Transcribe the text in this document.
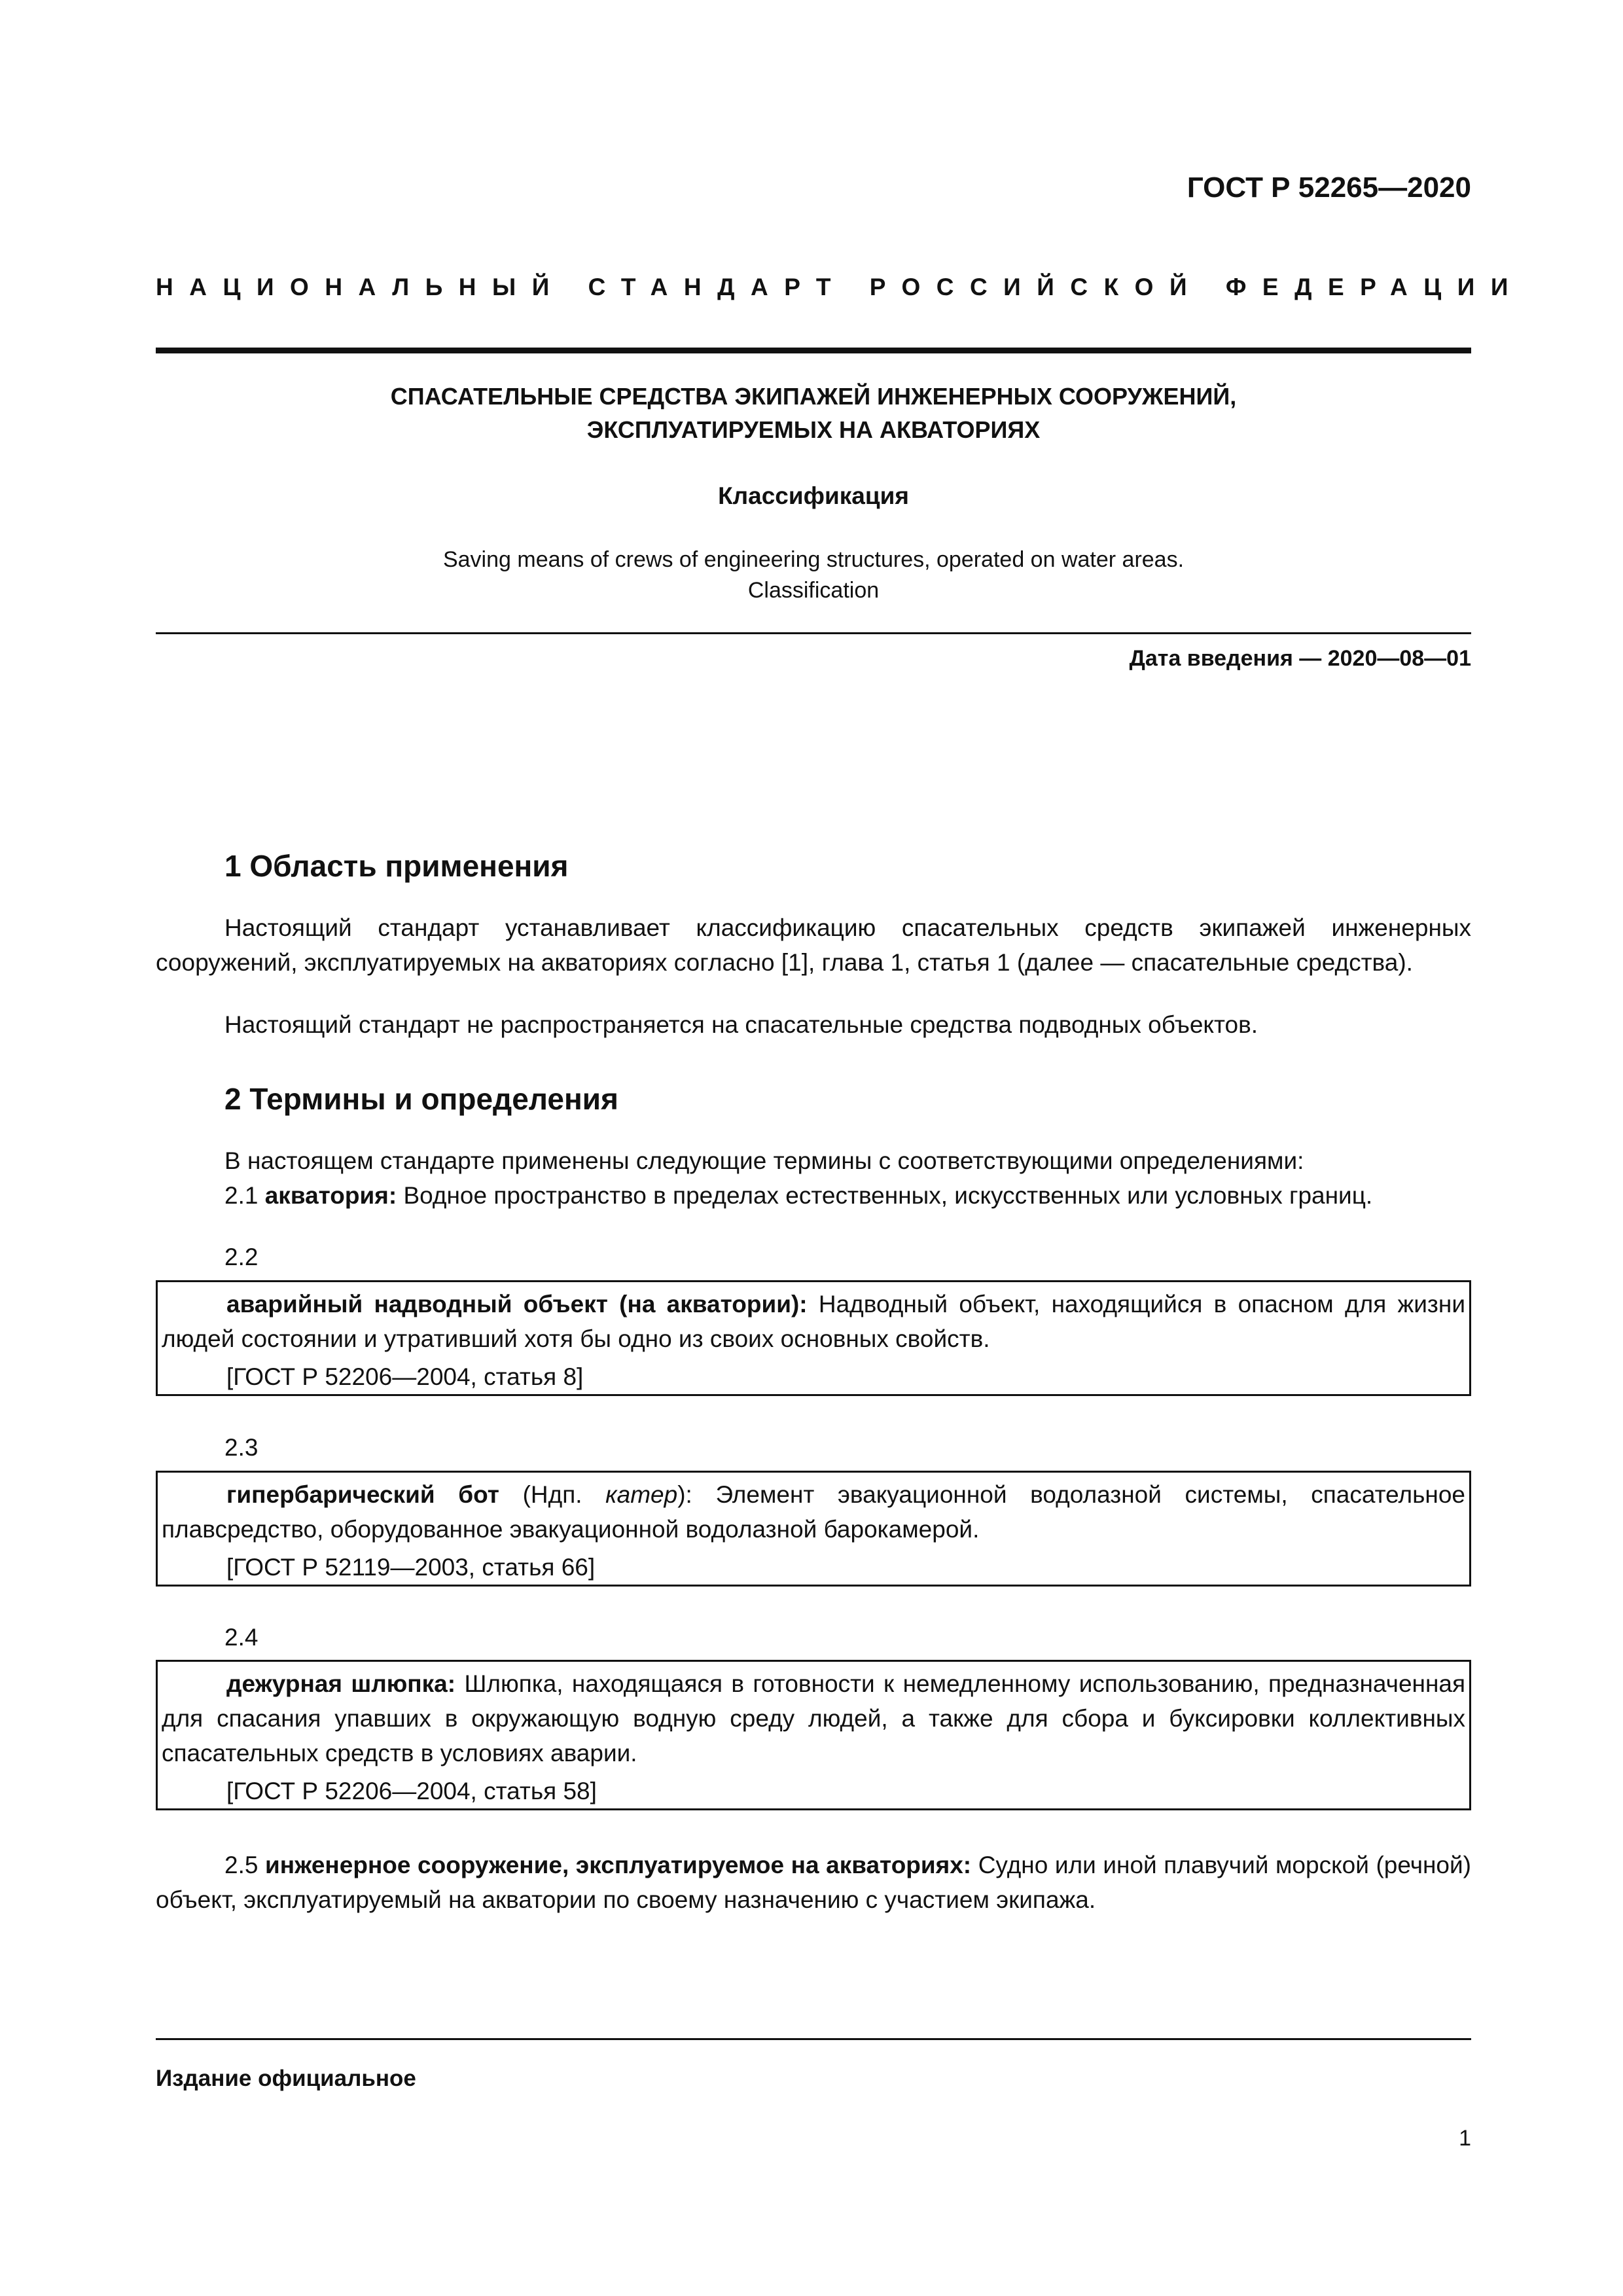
ГОСТ Р 52265—2020
НАЦИОНАЛЬНЫЙ СТАНДАРТ РОССИЙСКОЙ ФЕДЕРАЦИИ
СПАСАТЕЛЬНЫЕ СРЕДСТВА ЭКИПАЖЕЙ ИНЖЕНЕРНЫХ СООРУЖЕНИЙ,
ЭКСПЛУАТИРУЕМЫХ НА АКВАТОРИЯХ
Классификация
Saving means of crews of engineering structures, operated on water areas.
Classification
Дата введения — 2020—08—01
1 Область применения
Настоящий стандарт устанавливает классификацию спасательных средств экипажей инженерных сооружений, эксплуатируемых на акваториях согласно [1], глава 1, статья 1 (далее — спасательные средства).
Настоящий стандарт не распространяется на спасательные средства подводных объектов.
2 Термины и определения
В настоящем стандарте применены следующие термины с соответствующими определениями:
2.1 акватория: Водное пространство в пределах естественных, искусственных или условных границ.
2.2

аварийный надводный объект (на акватории): Надводный объект, находящийся в опасном для жизни людей состоянии и утративший хотя бы одно из своих основных свойств.

[ГОСТ Р 52206—2004, статья 8]

2.3

гипербарический бот (Ндп. катер): Элемент эвакуационной водолазной системы, спасательное плавсредство, оборудованное эвакуационной водолазной барокамерой.

[ГОСТ Р 52119—2003, статья 66]

2.4

дежурная шлюпка: Шлюпка, находящаяся в готовности к немедленному использованию, предназначенная для спасания упавших в окружающую водную среду людей, а также для сбора и буксировки коллективных спасательных средств в условиях аварии.

[ГОСТ Р 52206—2004, статья 58]

2.5 инженерное сооружение, эксплуатируемое на акваториях: Судно или иной плавучий морской (речной) объект, эксплуатируемый на акватории по своему назначению с участием экипажа.
Издание официальное
1
